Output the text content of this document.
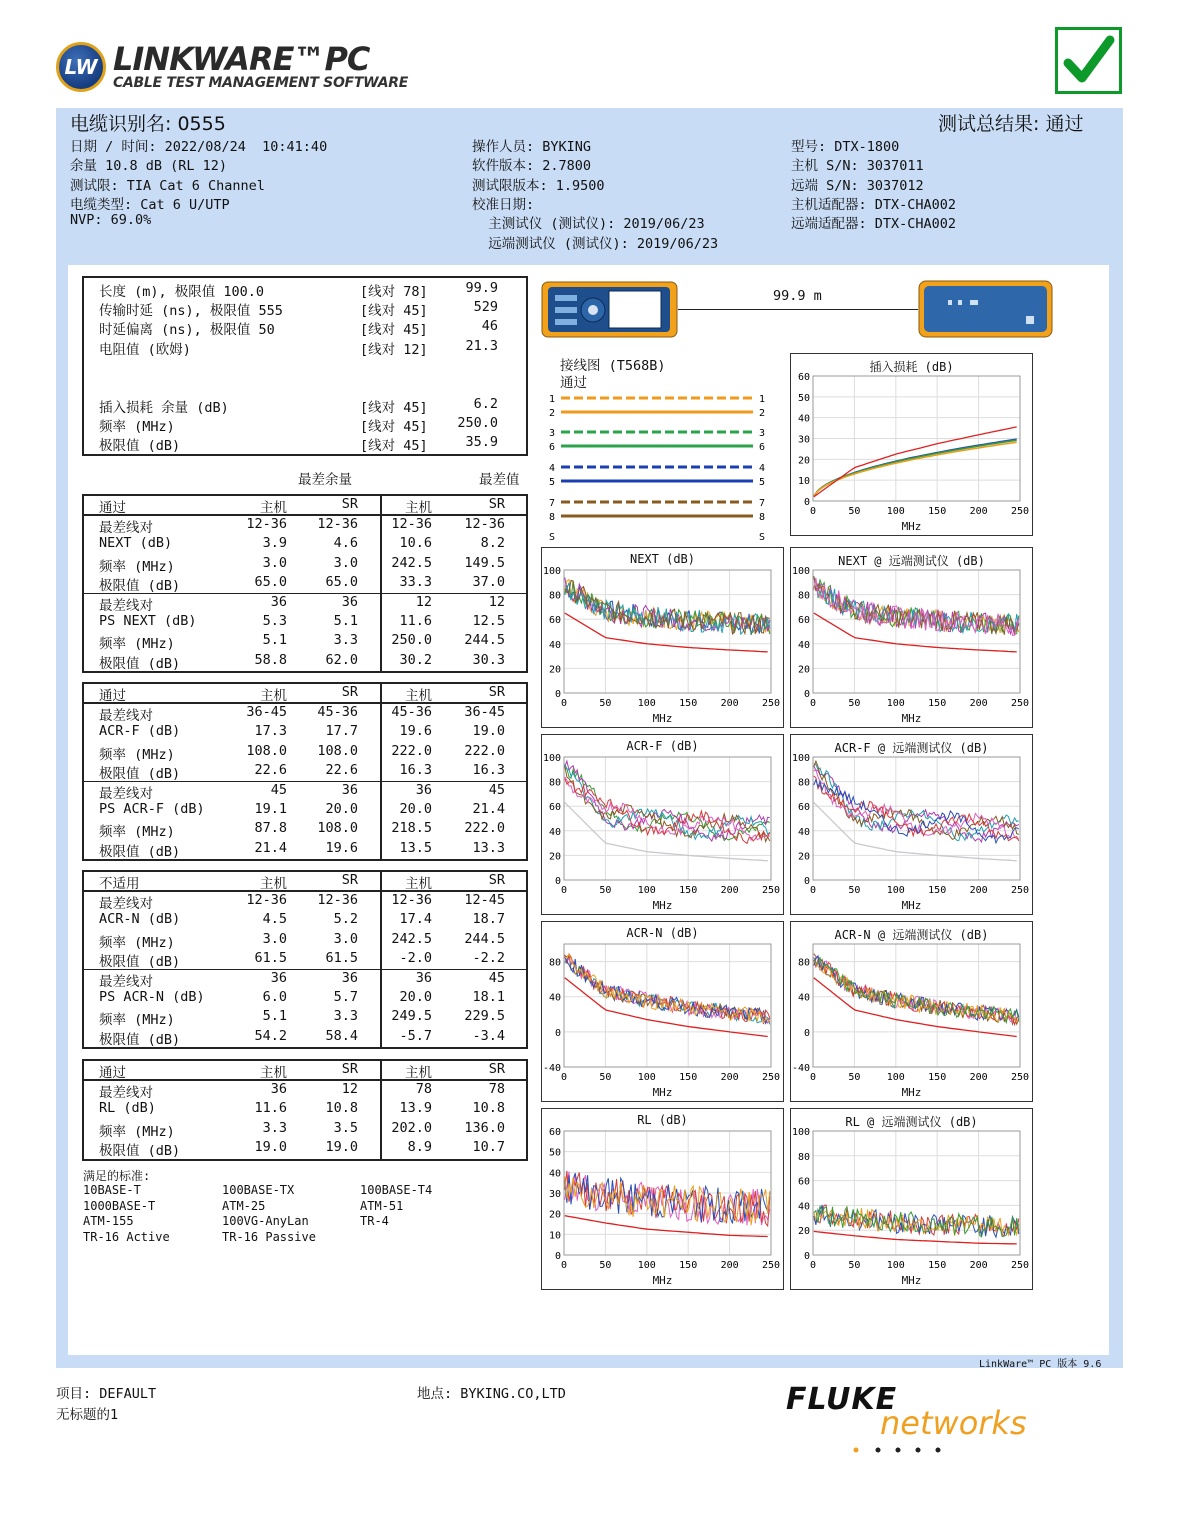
LW LINKWARE™PC
CABLE TEST MANAGEMENT SOFTWARE
电缆识别名: 0555	测试总结果: 通过
日期 / 时间: 2022/08/24  10:41:40
余量 10.8 dB (RL 12)
测试限: TIA Cat 6 Channel
电缆类型: Cat 6 U/UTP
NVP: 69.0%
操作人员: BYKING
软件版本: 2.7800
测试限版本: 1.9500
校准日期:
主测试仪 (测试仪): 2019/06/23
远端测试仪 (测试仪): 2019/06/23
型号: DTX-1800
主机 S/N: 3037011
远端 S/N: 3037012
主机适配器: DTX-CHA002
远端适配器: DTX-CHA002
长度 (m), 极限值 100.0	[线对 78]	99.9
传输时延 (ns), 极限值 555	[线对 45]	529
时延偏离 (ns), 极限值 50	[线对 45]	46
电阻值 (欧姆)	[线对 12]	21.3
插入损耗 余量 (dB)	[线对 45]	6.2
频率 (MHz)	[线对 45]	250.0
极限值 (dB)	[线对 45]	35.9
最差余量	最差值
通过	主机	SR	主机	SR
最差线对	12-36	12-36	12-36	12-36
NEXT (dB)	3.9	4.6	10.6	8.2
频率 (MHz)	3.0	3.0	242.5	149.5
极限值 (dB)	65.0	65.0	33.3	37.0
最差线对	36	36	12	12
PS NEXT (dB)	5.3	5.1	11.6	12.5
频率 (MHz)	5.1	3.3	250.0	244.5
极限值 (dB)	58.8	62.0	30.2	30.3
通过	主机	SR	主机	SR
最差线对	36-45	45-36	45-36	36-45
ACR-F (dB)	17.3	17.7	19.6	19.0
频率 (MHz)	108.0	108.0	222.0	222.0
极限值 (dB)	22.6	22.6	16.3	16.3
最差线对	45	36	36	45
PS ACR-F (dB)	19.1	20.0	20.0	21.4
频率 (MHz)	87.8	108.0	218.5	222.0
极限值 (dB)	21.4	19.6	13.5	13.3
不适用	主机	SR	主机	SR
最差线对	12-36	12-36	12-36	12-45
ACR-N (dB)	4.5	5.2	17.4	18.7
频率 (MHz)	3.0	3.0	242.5	244.5
极限值 (dB)	61.5	61.5	-2.0	-2.2
最差线对	36	36	36	45
PS ACR-N (dB)	6.0	5.7	20.0	18.1
频率 (MHz)	5.1	3.3	249.5	229.5
极限值 (dB)	54.2	58.4	-5.7	-3.4
通过	主机	SR	主机	SR
最差线对	36	12	78	78
RL (dB)	11.6	10.8	13.9	10.8
频率 (MHz)	3.3	3.5	202.0	136.0
极限值 (dB)	19.0	19.0	8.9	10.7
满足的标准:
10BASE-T	100BASE-TX	100BASE-T4
1000BASE-T	ATM-25	ATM-51
ATM-155	100VG-AnyLan	TR-4
TR-16 Active	TR-16 Passive
99.9 m
接线图 (T568B)
通过
1
2
3
6
4
5
7
8
S
1
2
3
6
4
5
7
8
S
插入损耗 (dB)
MHz
0	50	100 150 200 250
0
10
20
30
40
50
60
NEXT (dB)
MHz
0	50	100 150 200 250
0
20
40
60
80
100
NEXT @ 远端测试仪 (dB)
MHz
0	50	100 150 200 250
0
20
40
60
80
100
ACR-F (dB)
MHz
0	50	100 150 200 250
0
20
40
60
80
100
ACR-F @ 远端测试仪 (dB)
MHz
0	50	100 150 200 250
0
20
40
60
80
100
ACR-N (dB)
MHz
0	50	100 150 200 250
-40
0
40
80
ACR-N @ 远端测试仪 (dB)
MHz
0	50	100 150 200 250
-40
0
40
80
RL (dB)
MHz
0	50	100 150 200 250
0
10
20
30
40
50
60
RL @ 远端测试仪 (dB)
MHz
0	50	100 150 200 250
0
20
40
60
80
100
LinkWare™ PC 版本 9.6
项目: DEFAULT
无标题的1
地点: BYKING.CO,LTD	FLUKE
networks
